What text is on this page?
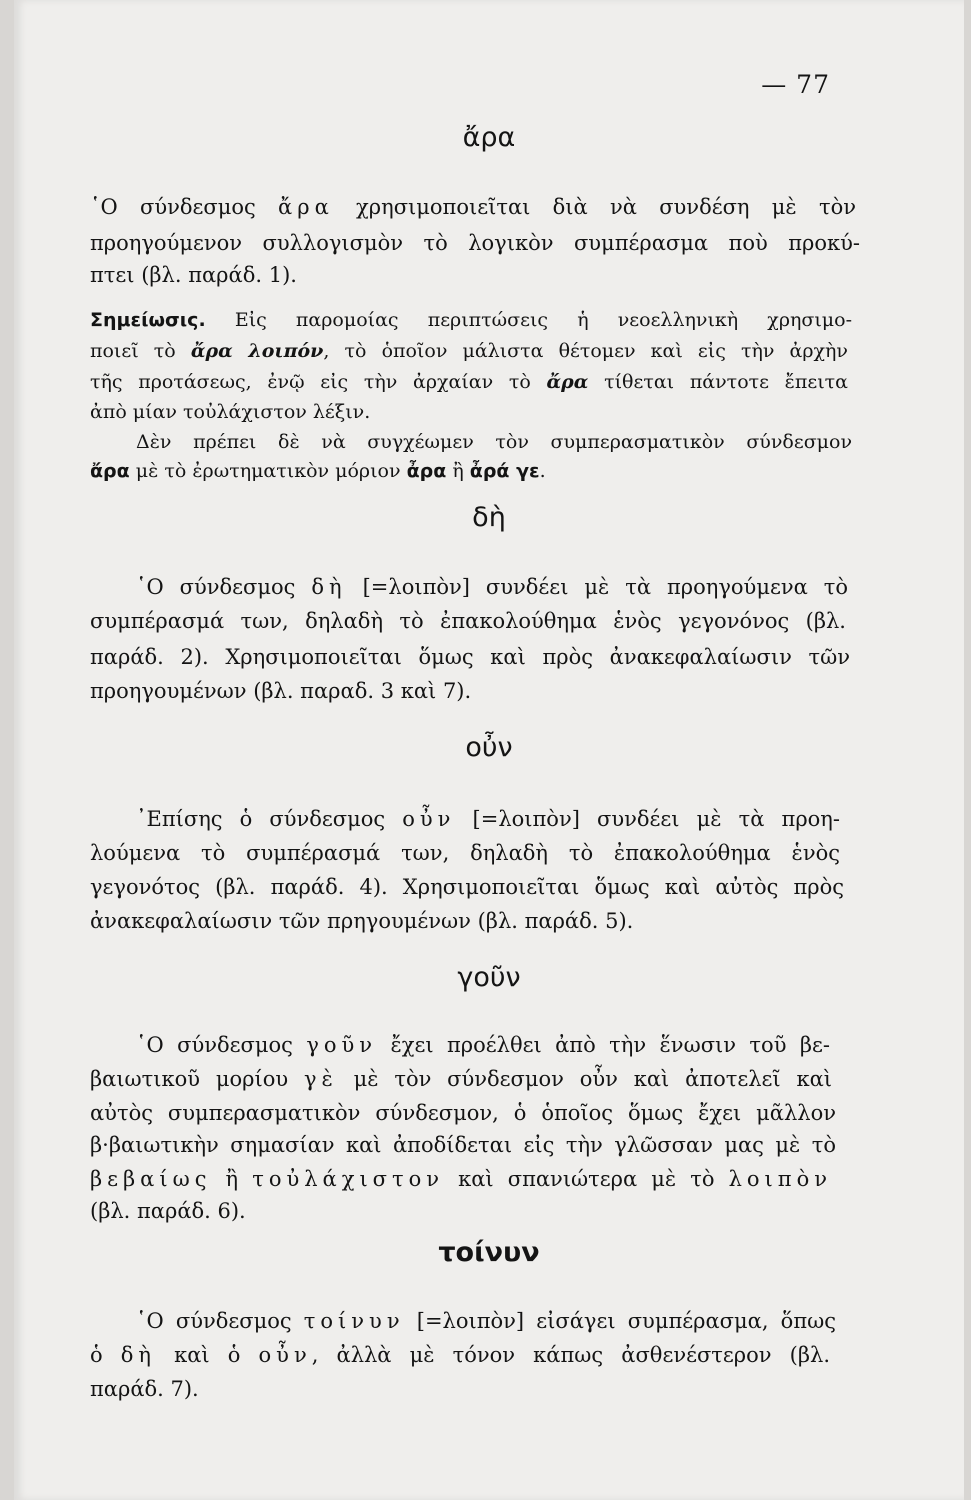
— 77
ἄρα
῾Ο σύνδεσμος ἄρα χρησιμοποιεῖται διὰ νὰ συνδέση μὲ τὸν
προηγούμενον συλλογισμὸν τὸ λογικὸν συμπέρασμα ποὺ προκύ-
πτει (βλ. παράδ. 1).
Σημείωσις. Εἰς παρομοίας περιπτώσεις ἡ νεοελληνικὴ χρησιμο-
ποιεῖ τὸ ἄρα λοιπόν, τὸ ὁποῖον μάλιστα θέτομεν καὶ εἰς τὴν ἀρχὴν
τῆς προτάσεως, ἐνῷ εἰς τὴν ἀρχαίαν τὸ ἄρα τίθεται πάντοτε ἔπειτα
ἀπὸ μίαν τοὐλάχιστον λέξιν.
Δὲν πρέπει δὲ νὰ συγχέωμεν τὸν συμπερασματικὸν σύνδεσμον
ἄρα μὲ τὸ ἐρωτηματικὸν μόριον ἆρα ἢ ἆρά γε.
δὴ
῾Ο σύνδεσμος δὴ [=λοιπὸν] συνδέει μὲ τὰ προηγούμενα τὸ
συμπέρασμά των, δηλαδὴ τὸ ἐπακολούθημα ἑνὸς γεγονόνος (βλ.
παράδ. 2). Χρησιμοποιεῖται ὅμως καὶ πρὸς ἀνακεφαλαίωσιν τῶν
προηγουμένων (βλ. παραδ. 3 καὶ 7).
οὖν
᾿Επίσης ὁ σύνδεσμος οὖν [=λοιπὸν] συνδέει μὲ τὰ προη-
λούμενα τὸ συμπέρασμά των, δηλαδὴ τὸ ἐπακολούθημα ἑνὸς
γεγονότος (βλ. παράδ. 4). Χρησιμοποιεῖται ὅμως καὶ αὐτὸς πρὸς
ἀνακεφαλαίωσιν τῶν πρηγουμένων (βλ. παράδ. 5).
γοῦν
῾Ο σύνδεσμος γοῦν ἔχει προέλθει ἀπὸ τὴν ἕνωσιν τοῦ βε-
βαιωτικοῦ μορίου γὲ μὲ τὸν σύνδεσμον οὖν καὶ ἀποτελεῖ καὶ
αὐτὸς συμπερασματικὸν σύνδεσμον, ὁ ὁποῖος ὅμως ἔχει μᾶλλον
β·βαιωτικὴν σημασίαν καὶ ἀποδίδεται εἰς τὴν γλῶσσαν μας μὲ τὸ
βεβαίως ἢ τοὐλάχιστον καὶ σπανιώτερα μὲ τὸ λοιπὸν
(βλ. παράδ. 6).
τοίνυν
῾Ο σύνδεσμος τοίνυν [=λοιπὸν] εἰσάγει συμπέρασμα, ὅπως
ὁ δὴ καὶ ὁ οὖν, ἀλλὰ μὲ τόνον κάπως ἀσθενέστερον (βλ.
παράδ. 7).
